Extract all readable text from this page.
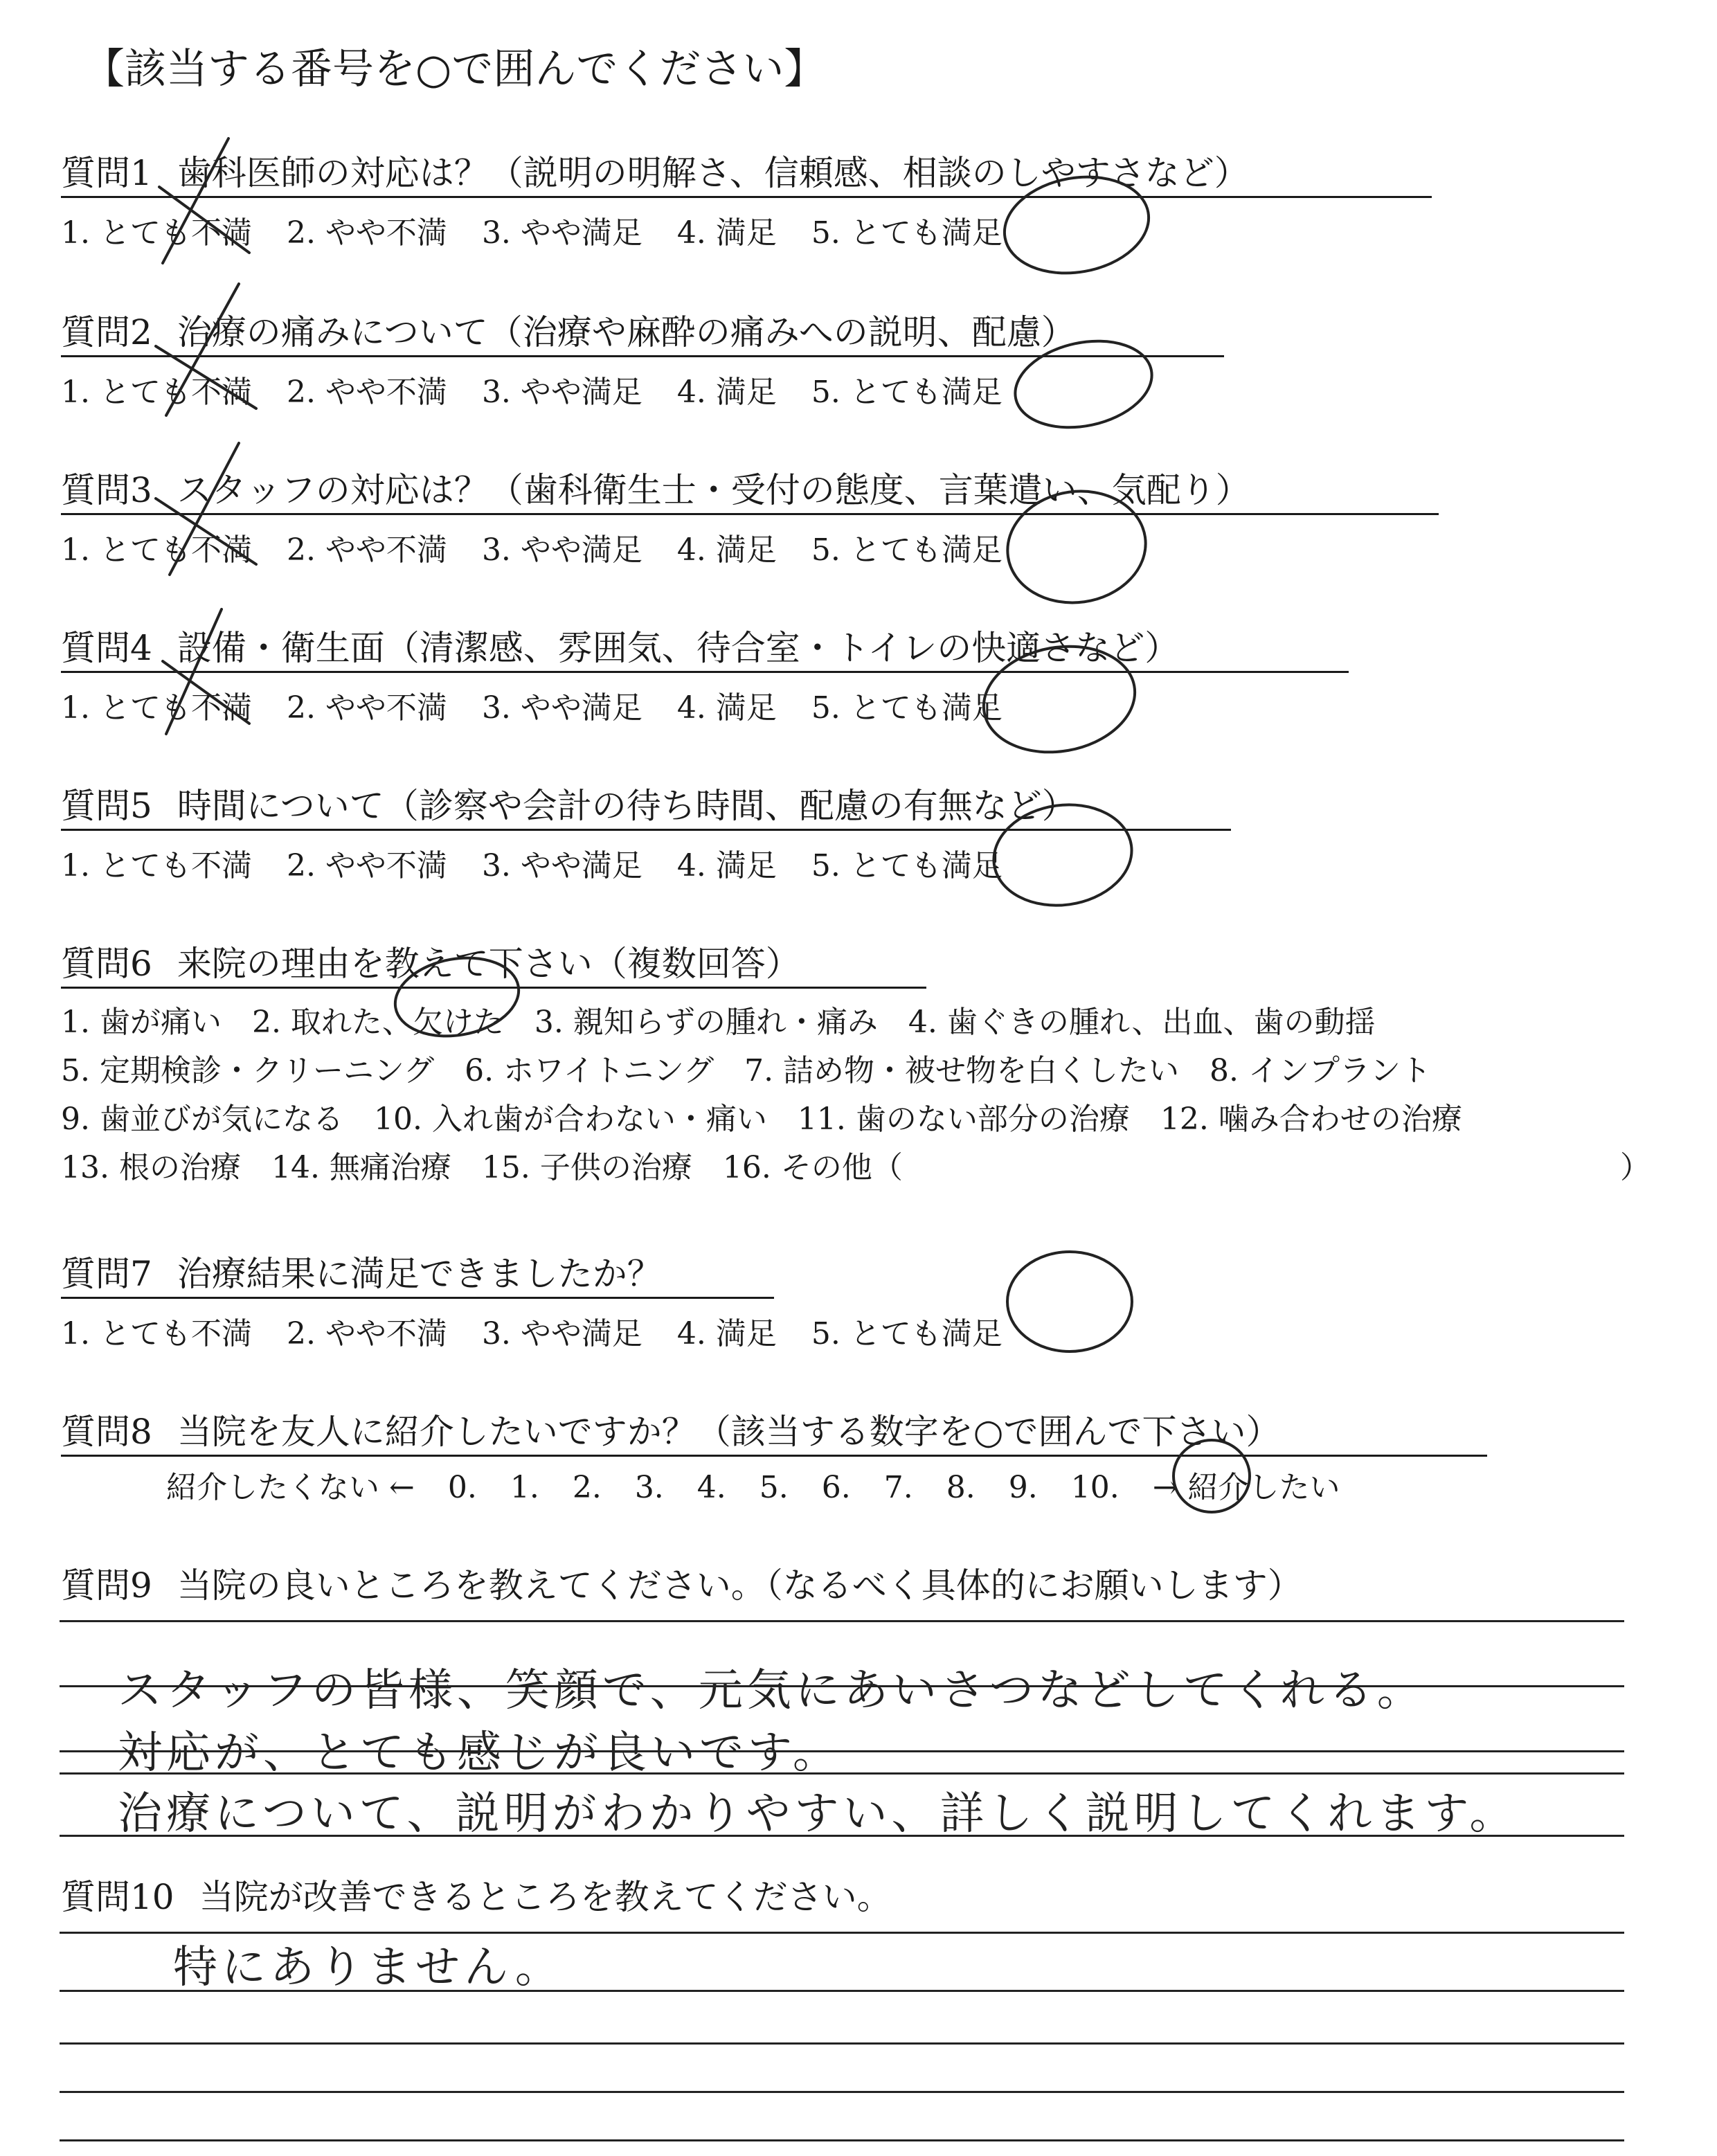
【該当する番号を○で囲んでください】
質問1 歯科医師の対応は？（説明の明解さ、信頼感、相談のしやすさなど）
1. とても不満 2. やや不満 3. やや満足 4. 満足 5. とても満足
質問2 治療の痛みについて（治療や麻酔の痛みへの説明、配慮）
1. とても不満 2. やや不満 3. やや満足 4. 満足 5. とても満足
質問3 スタッフの対応は？（歯科衛生士・受付の態度、言葉遣い、気配り）
1. とても不満 2. やや不満 3. やや満足 4. 満足 5. とても満足
質問4 設備・衛生面（清潔感、雰囲気、待合室・トイレの快適さなど）
1. とても不満 2. やや不満 3. やや満足 4. 満足 5. とても満足
質問5 時間について（診察や会計の待ち時間、配慮の有無など）
1. とても不満 2. やや不満 3. やや満足 4. 満足 5. とても満足
質問6 来院の理由を教えて下さい（複数回答）
1. 歯が痛い　2. 取れた、欠けた　3. 親知らずの腫れ・痛み　4. 歯ぐきの腫れ、出血、歯の動揺
5. 定期検診・クリーニング　6. ホワイトニング　7. 詰め物・被せ物を白くしたい　8. インプラント
9. 歯並びが気になる　10. 入れ歯が合わない・痛い　11. 歯のない部分の治療　12. 噛み合わせの治療
13. 根の治療　14. 無痛治療　15. 子供の治療　16. その他（	）
質問7 治療結果に満足できましたか？
1. とても不満 2. やや不満 3. やや満足 4. 満足 5. とても満足
質問8 当院を友人に紹介したいですか？（該当する数字を○で囲んで下さい）
紹介したくない ← 0. 1. 2. 3. 4. 5. 6. 7. 8. 9. 10. → 紹介したい
質問9 当院の良いところを教えてください。（なるべく具体的にお願いします）
スタッフの皆様、笑顔で、元気にあいさつなどしてくれる。
対応が、とても感じが良いです。
治療について、説明がわかりやすい、詳しく説明してくれます。
質問10 当院が改善できるところを教えてください。
特にありません。
